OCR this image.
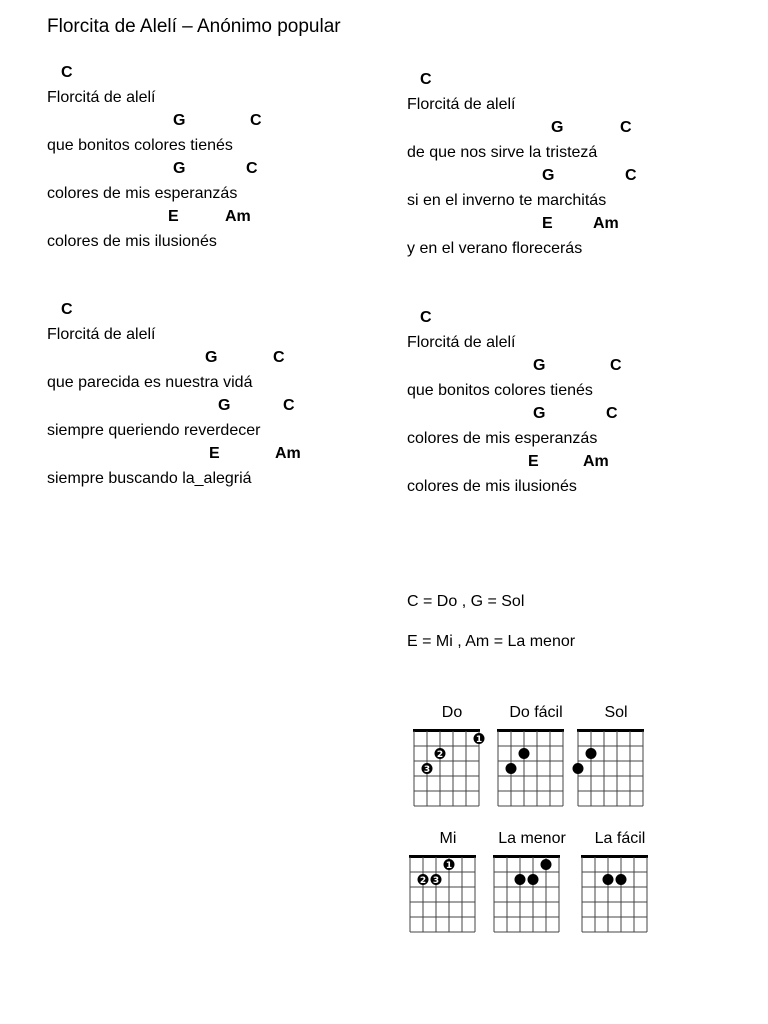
Florcita de Alelí – Anónimo popular
C
Florcitá de alelí
G	C
que bonitos colores tienés
G	C
colores de mis esperanzás
E	Am
colores de mis ilusionés
C
Florcitá de alelí
G	C
de que nos sirve la tristezá
G	C
si en el inverno te marchitás
E	Am
y en el verano florecerás
C
Florcitá de alelí
G	C
que parecida es nuestra vidá
G	C
siempre queriendo reverdecer
E	Am
siempre buscando la_alegriá
C
Florcitá de alelí
G	C
que bonitos colores tienés
G	C
colores de mis esperanzás
E	Am
colores de mis ilusionés
C = Do , G = Sol
E = Mi , Am = La menor
Do
1
2
3
Do fácil	Sol
Mi
1
2 3
La menor	La fácil
